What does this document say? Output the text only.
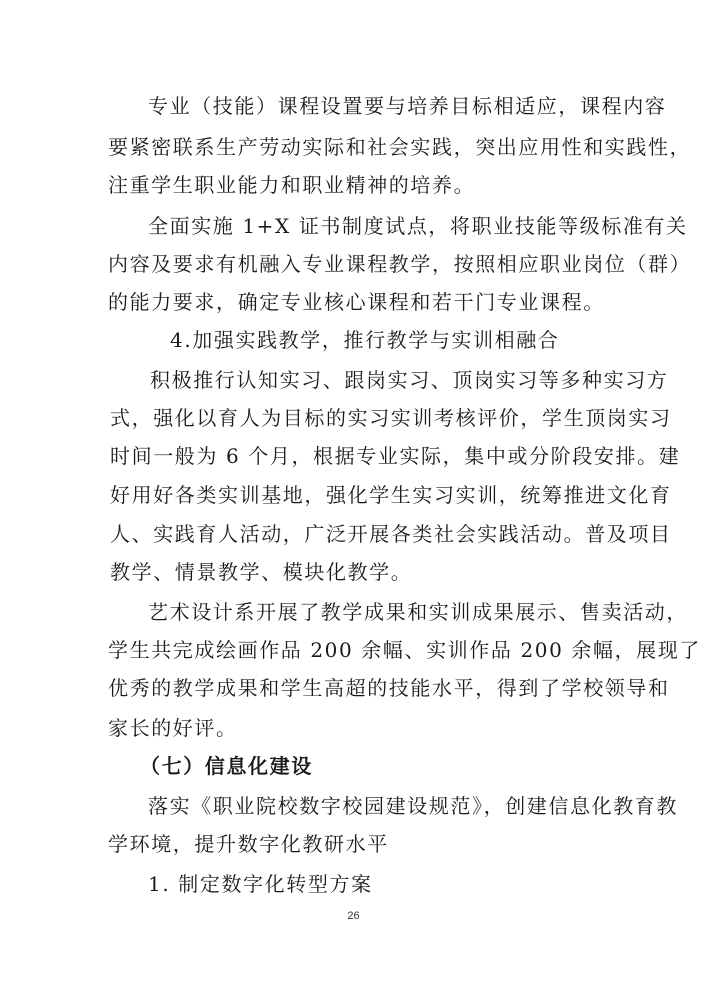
专业（技能）课程设置要与培养目标相适应，课程内容
要紧密联系生产劳动实际和社会实践，突出应用性和实践性，
注重学生职业能力和职业精神的培养。
全面实施 1+X 证书制度试点，将职业技能等级标准有关
内容及要求有机融入专业课程教学，按照相应职业岗位（群）
的能力要求，确定专业核心课程和若干门专业课程。
4.加强实践教学，推行教学与实训相融合
积极推行认知实习、跟岗实习、顶岗实习等多种实习方
式，强化以育人为目标的实习实训考核评价，学生顶岗实习
时间一般为 6 个月，根据专业实际，集中或分阶段安排。建
好用好各类实训基地，强化学生实习实训，统筹推进文化育
人、实践育人活动，广泛开展各类社会实践活动。普及项目
教学、情景教学、模块化教学。
艺术设计系开展了教学成果和实训成果展示、售卖活动，
学生共完成绘画作品 200 余幅、实训作品 200 余幅，展现了
优秀的教学成果和学生高超的技能水平，得到了学校领导和
家长的好评。
（七）信息化建设
落实《职业院校数字校园建设规范》，创建信息化教育教
学环境，提升数字化教研水平
1. 制定数字化转型方案
26
